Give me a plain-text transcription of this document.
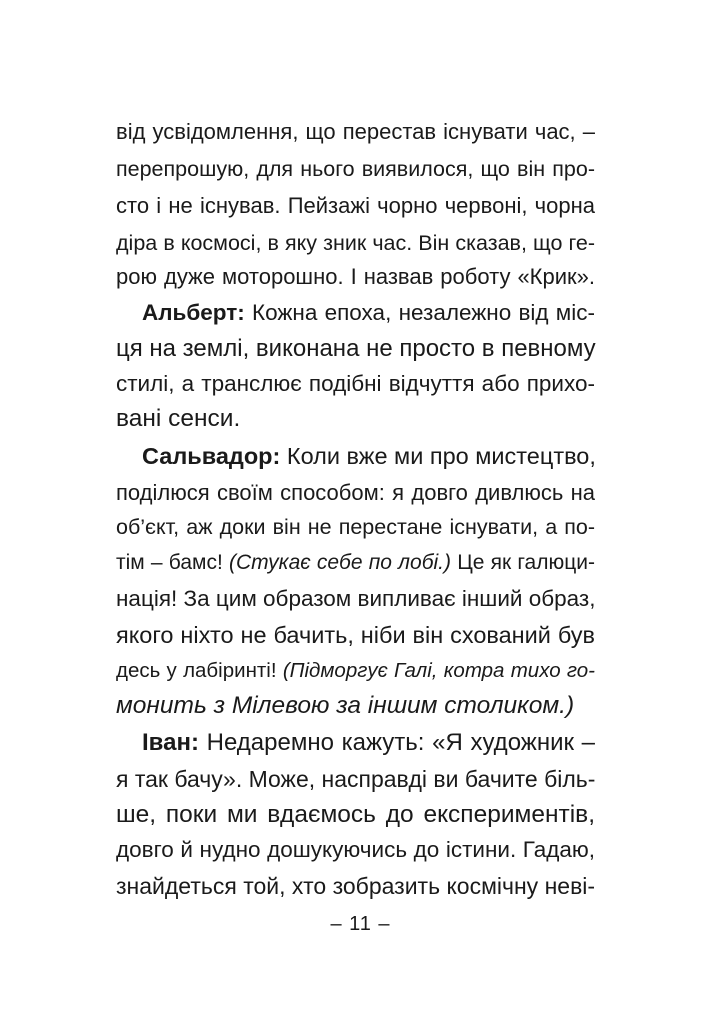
від усвідомлення, що перестав існувати час, –
перепрошую, для нього виявилося, що він про-
сто і не існував. Пейзажі чорно червоні, чорна
діра в космосі, в яку зник час. Він сказав, що ге-
рою дуже моторошно. І назвав роботу «Крик».
Альберт: Кожна епоха, незалежно від міс-
ця на землі, виконана не просто в певному
стилі, а транслює подібні відчуття або прихо-
вані сенси.
Сальвадор: Коли вже ми про мистецтво,
поділюся своїм способом: я довго дивлюсь на
об’єкт, аж доки він не перестане існувати, а по-
тім – бамс! (Стукає себе по лобі.) Це як галюци-
нація! За цим образом випливає інший образ,
якого ніхто не бачить, ніби він схований був
десь у лабіринті! (Підморгує Галі, котра тихо го-
монить з Мілевою за іншим столиком.)
Іван: Недаремно кажуть: «Я художник –
я так бачу». Може, насправді ви бачите біль-
ше, поки ми вдаємось до експериментів,
довго й нудно дошукуючись до істини. Гадаю,
знайдеться той, хто зобразить космічну неві-
– 11 –
